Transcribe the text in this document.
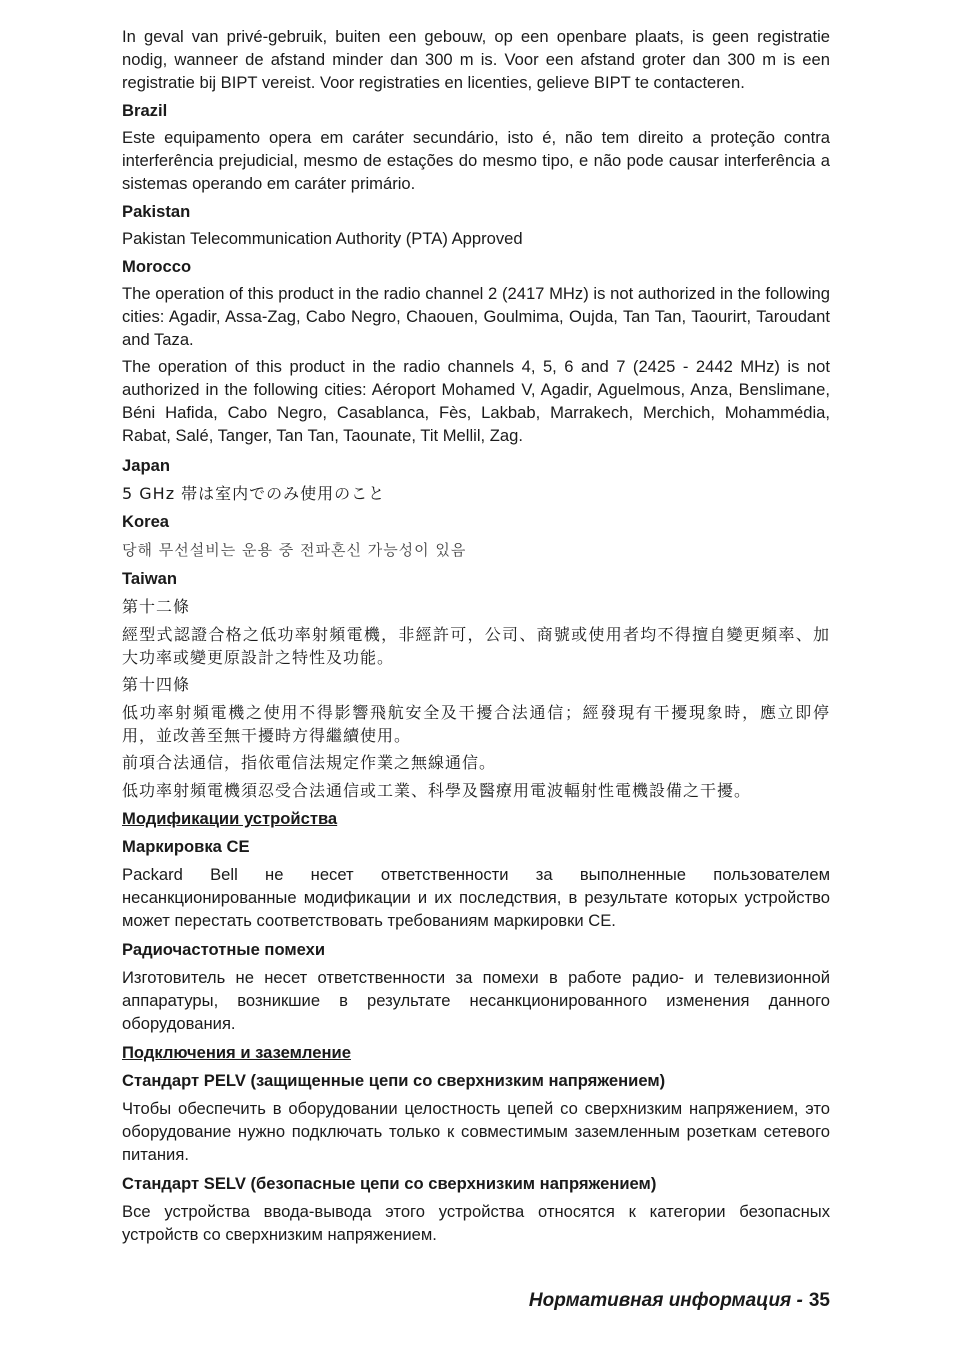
In geval van privé-gebruik, buiten een gebouw, op een openbare plaats, is geen registratie nodig, wanneer de afstand minder dan 300 m is. Voor een afstand groter dan 300 m is een registratie bij BIPT vereist. Voor registraties en licenties, gelieve BIPT te contacteren.

Brazil

Este equipamento opera em caráter secundário, isto é, não tem direito a proteção contra interferência prejudicial, mesmo de estações do mesmo tipo, e não pode causar interferência a sistemas operando em caráter primário.

Pakistan

Pakistan Telecommunication Authority (PTA) Approved

Morocco

The operation of this product in the radio channel 2 (2417 MHz) is not authorized in the following cities: Agadir, Assa-Zag, Cabo Negro, Chaouen, Goulmima, Oujda, Tan Tan, Taourirt, Taroudant and Taza.

The operation of this product in the radio channels 4, 5, 6 and 7 (2425 - 2442 MHz) is not authorized in the following cities: Aéroport Mohamed V, Agadir, Aguelmous, Anza, Benslimane, Béni Hafida, Cabo Negro, Casablanca, Fès, Lakbab, Marrakech, Merchich, Mohammédia, Rabat, Salé, Tanger, Tan Tan, Taounate, Tit Mellil, Zag.

Japan

5 GHz 帯は室内でのみ使用のこと

Korea

당해 무선설비는 운용 중 전파혼신 가능성이 있음

Taiwan

第十二條

經型式認證合格之低功率射頻電機，非經許可，公司、商號或使用者均不得擅自變更頻率、加大功率或變更原設計之特性及功能。

第十四條

低功率射頻電機之使用不得影響飛航安全及干擾合法通信；經發現有干擾現象時，應立即停用，並改善至無干擾時方得繼續使用。

前項合法通信，指依電信法規定作業之無線通信。

低功率射頻電機須忍受合法通信或工業、科學及醫療用電波輻射性電機設備之干擾。

Модификации устройства

Маркировка CE

Packard Bell не несет ответственности за выполненные пользователем несанкционированные модификации и их последствия, в результате которых устройство может перестать соответствовать требованиям маркировки CE.

Радиочастотные помехи

Изготовитель не несет ответственности за помехи в работе радио- и телевизионной аппаратуры, возникшие в результате несанкционированного изменения данного оборудования.

Подключения и заземление

Стандарт PELV (защищенные цепи со сверхнизким напряжением)

Чтобы обеспечить в оборудовании целостность цепей со сверхнизким напряжением, это оборудование нужно подключать только к совместимым заземленным розеткам сетевого питания.

Стандарт SELV (безопасные цепи со сверхнизким напряжением)

Все устройства ввода-вывода этого устройства относятся к категории безопасных устройств со сверхнизким напряжением.

Нормативная информация - 35
